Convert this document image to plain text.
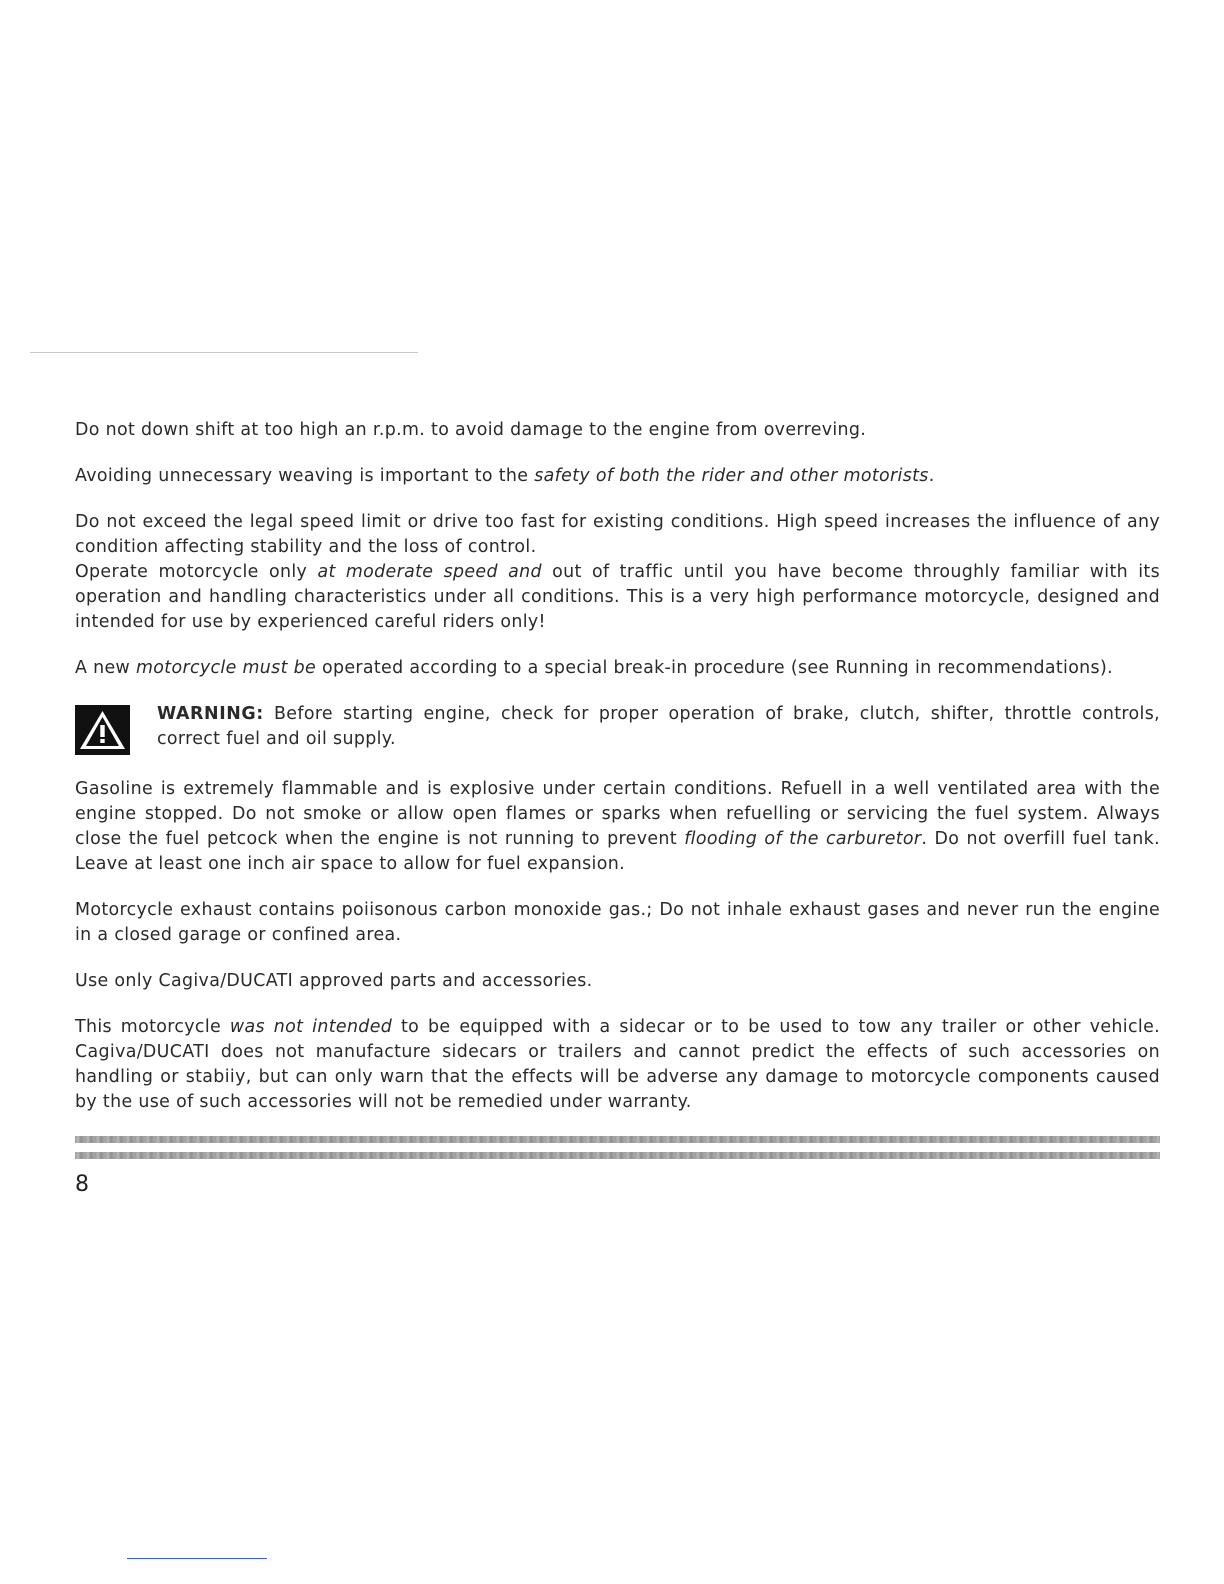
Do not down shift at too high an r.p.m. to avoid damage to the engine from overreving.

Avoiding unnecessary weaving is important to the safety of both the rider and other motorists.

Do not exceed the legal speed limit or drive too fast for existing conditions. High speed increases the influence of any condition affecting stability and the loss of control.

Operate motorcycle only at moderate speed and out of traffic until you have become throughly familiar with its operation and handling characteristics under all conditions. This is a very high performance motorcycle, designed and intended for use by experienced careful riders only!

A new motorcycle must be operated according to a special break-in procedure (see Running in recommendations).

WARNING: Before starting engine, check for proper operation of brake, clutch, shifter, throttle controls, correct fuel and oil supply.

Gasoline is extremely flammable and is explosive under certain conditions. Refuell in a well ventilated area with the engine stopped. Do not smoke or allow open flames or sparks when refuelling or servicing the fuel system. Always close the fuel petcock when the engine is not running to prevent flooding of the carburetor. Do not overfill fuel tank. Leave at least one inch air space to allow for fuel expansion.

Motorcycle exhaust contains poiisonous carbon monoxide gas.; Do not inhale exhaust gases and never run the engine in a closed garage or confined area.

Use only Cagiva/DUCATI approved parts and accessories.

This motorcycle was not intended to be equipped with a sidecar or to be used to tow any trailer or other vehicle. Cagiva/DUCATI does not manufacture sidecars or trailers and cannot predict the effects of such accessories on handling or stabiiy, but can only warn that the effects will be adverse any damage to motorcycle components caused by the use of such accessories will not be remedied under warranty.

8
